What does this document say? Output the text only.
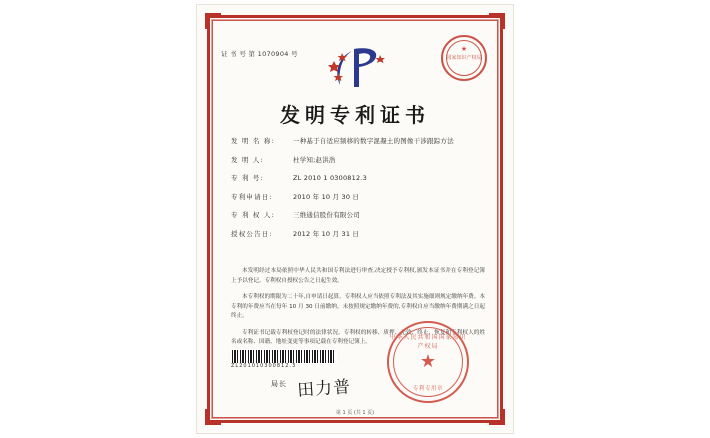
证 书 号 第 1070904 号
★
国家知识产权局
发明专利证书
发 明 名 称:	一种基于自适应频移的数字混凝土的图像干涉跟踪方法
发 明 人:	杜学知;赵洪浩
专 利 号:	ZL 2010 1 0300812.3
专利申请日:	2010 年 10 月 30 日
专 利 权 人:	三维通信股份有限公司
授权公告日:	2012 年 10 月 31 日

本发明经过本局依照中华人民共和国专利法进行审查,决定授予专利权,颁发本证书并在专利登记簿上予以登记。专利权自授权公告之日起生效。

本专利权的期限为二十年,自申请日起算。专利权人应当依照专利法及其实施细则规定缴纳年费。本专利的年费应当在每年 10 月 30 日前缴纳。未按照规定缴纳年费的,专利权自应当缴纳年费期满之日起终止。

专利证书记载专利权登记时的法律状况。专利权的转移、质押、无效、终止、恢复和专利权人的姓名或名称、国籍、地址变更等事项记载在专利登记簿上。

ZL201010300812.3
局长 田力普
中华人民共和国国家知识产权局
★
专利专用章
第 1 页 (共 1 页)
